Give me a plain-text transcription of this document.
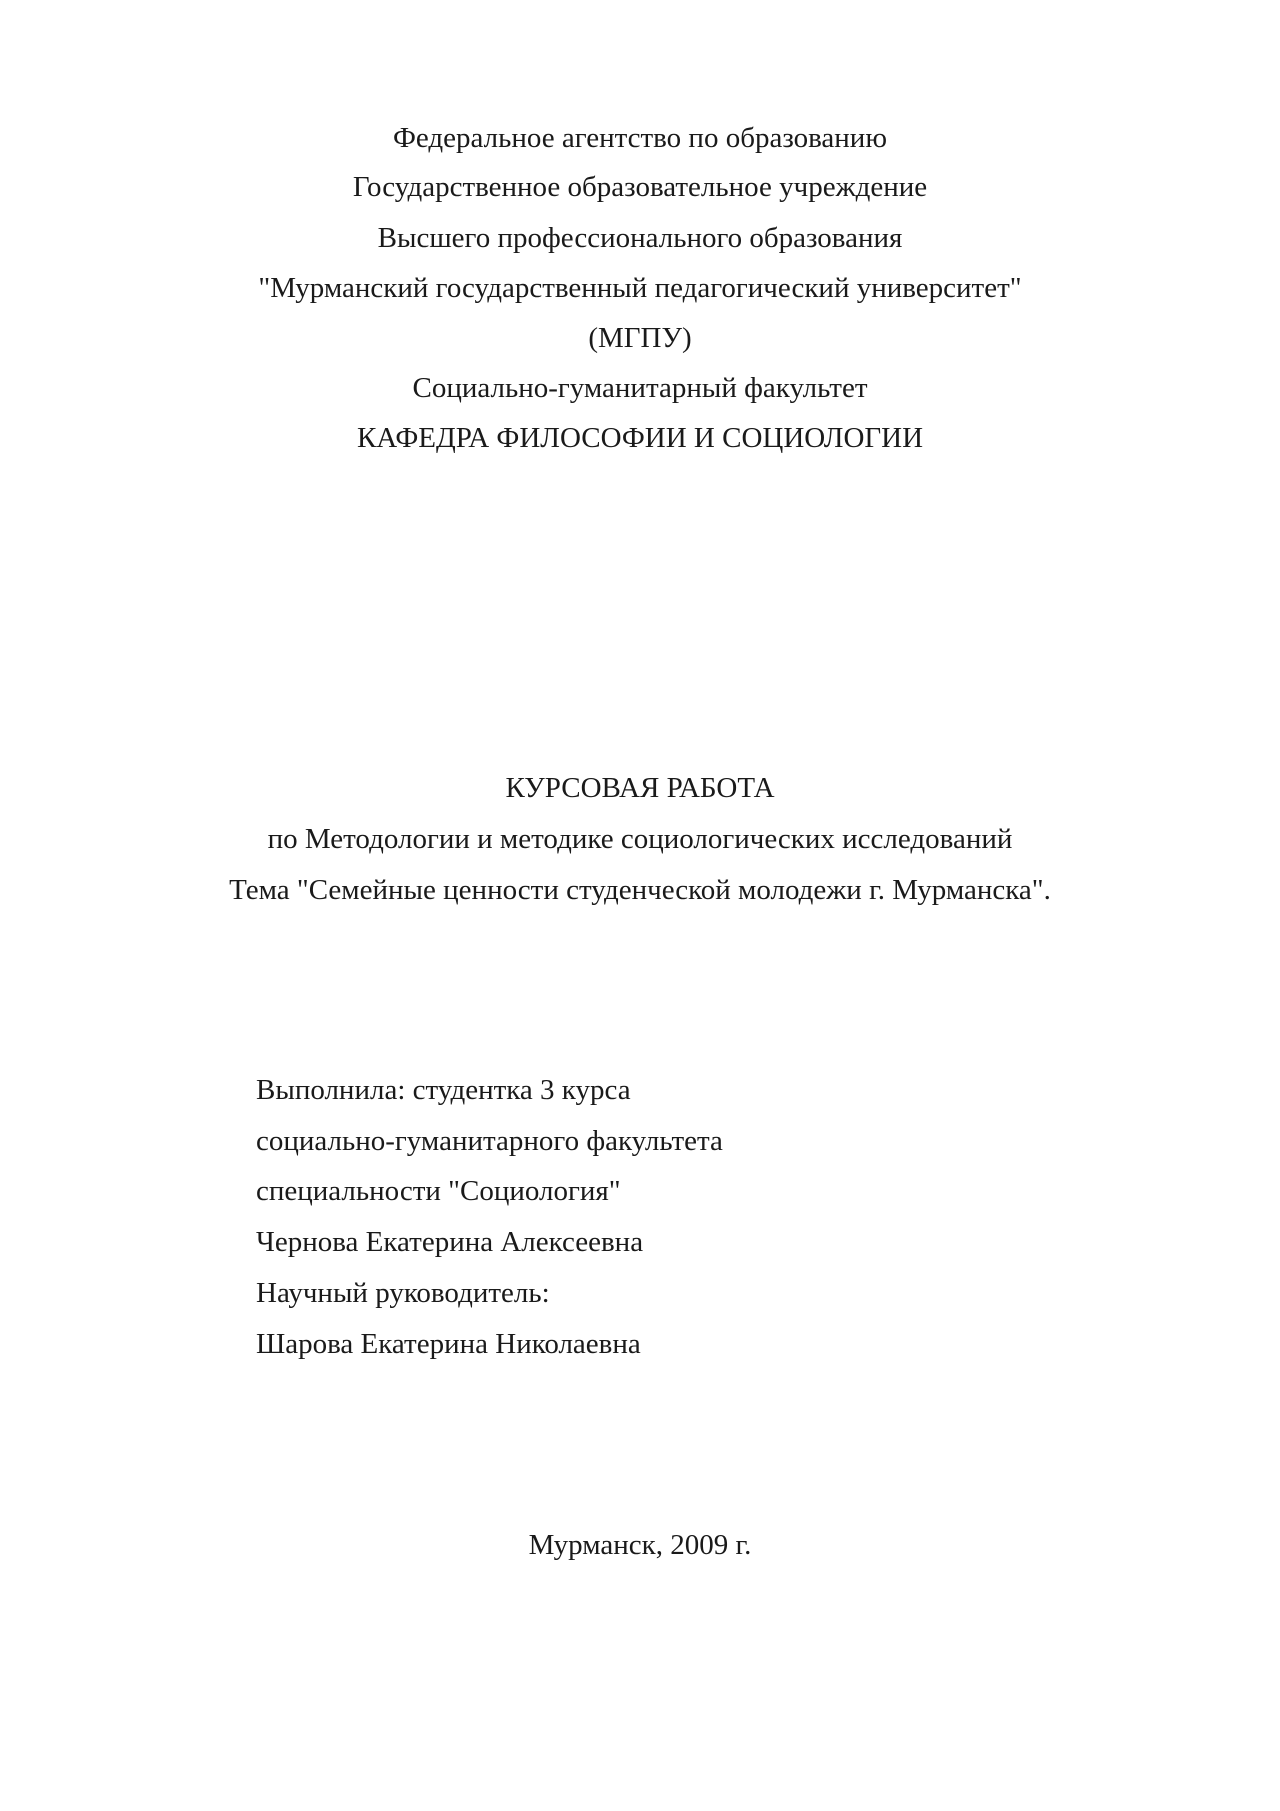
Федеральное агентство по образованию
Государственное образовательное учреждение
Высшего профессионального образования
"Мурманский государственный педагогический университет"
(МГПУ)
Социально-гуманитарный факультет
КАФЕДРА ФИЛОСОФИИ И СОЦИОЛОГИИ
КУРСОВАЯ РАБОТА
по Методологии и методике социологических исследований
Тема "Семейные ценности студенческой молодежи г. Мурманска".
Выполнила: студентка 3 курса
социально-гуманитарного факультета
специальности "Социология"
Чернова Екатерина Алексеевна
Научный руководитель:
Шарова Екатерина Николаевна
Мурманск, 2009 г.
